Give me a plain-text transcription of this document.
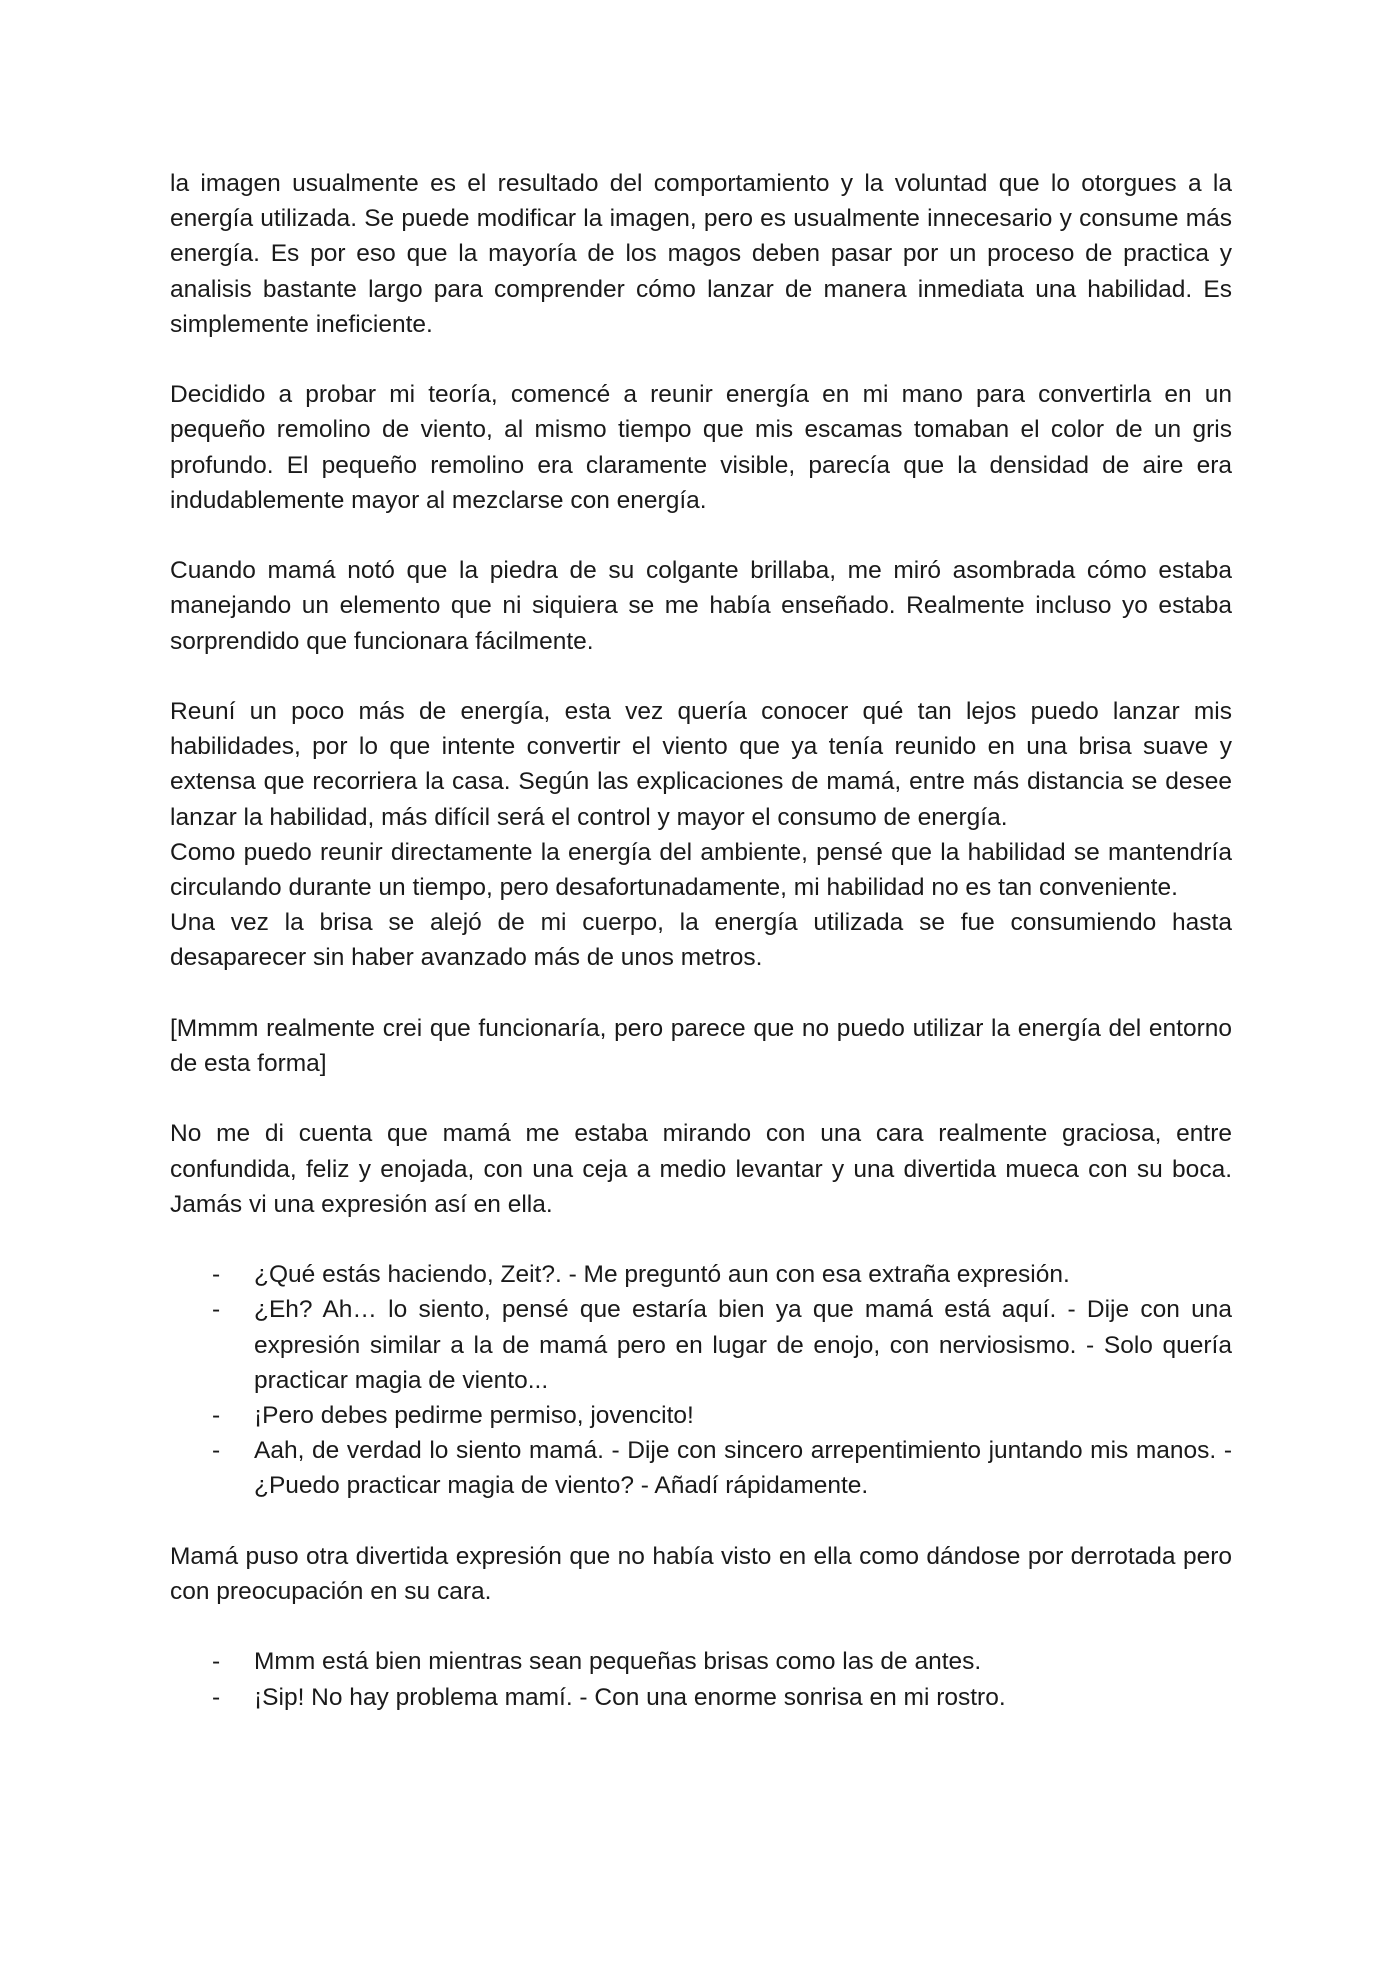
la imagen usualmente es el resultado del comportamiento y la voluntad que lo otorgues a la energía utilizada. Se puede modificar la imagen, pero es usualmente innecesario y consume más energía. Es por eso que la mayoría de los magos deben pasar por un proceso de practica y analisis bastante largo para comprender cómo lanzar de manera inmediata una habilidad. Es simplemente ineficiente.

Decidido a probar mi teoría, comencé a reunir energía en mi mano para convertirla en un pequeño remolino de viento, al mismo tiempo que mis escamas tomaban el color de un gris profundo. El pequeño remolino era claramente visible, parecía que la densidad de aire era indudablemente mayor al mezclarse con energía.

Cuando mamá notó que la piedra de su colgante brillaba, me miró asombrada cómo estaba manejando un elemento que ni siquiera se me había enseñado. Realmente incluso yo estaba sorprendido que funcionara fácilmente.

Reuní un poco más de energía, esta vez quería conocer qué tan lejos puedo lanzar mis habilidades, por lo que intente convertir el viento que ya tenía reunido en una brisa suave y extensa que recorriera la casa. Según las explicaciones de mamá, entre más distancia se desee lanzar la habilidad, más difícil será el control y mayor el consumo de energía.

Como puedo reunir directamente la energía del ambiente, pensé que la habilidad se mantendría circulando durante un tiempo, pero desafortunadamente, mi habilidad no es tan conveniente.

Una vez la brisa se alejó de mi cuerpo, la energía utilizada se fue consumiendo hasta desaparecer sin haber avanzado más de unos metros.

[Mmmm realmente crei que funcionaría, pero parece que no puedo utilizar la energía del entorno de esta forma]

No me di cuenta que mamá me estaba mirando con una cara realmente graciosa, entre confundida, feliz y enojada, con una ceja a medio levantar y una divertida mueca con su boca. Jamás vi una expresión así en ella.

- ¿Qué estás haciendo, Zeit?. - Me preguntó aun con esa extraña expresión.
- ¿Eh? Ah… lo siento, pensé que estaría bien ya que mamá está aquí. - Dije con una expresión similar a la de mamá pero en lugar de enojo, con nerviosismo. - Solo quería practicar magia de viento...
- ¡Pero debes pedirme permiso, jovencito!
- Aah, de verdad lo siento mamá. - Dije con sincero arrepentimiento juntando mis manos. - ¿Puedo practicar magia de viento? - Añadí rápidamente.

Mamá puso otra divertida expresión que no había visto en ella como dándose por derrotada pero con preocupación en su cara.

- Mmm está bien mientras sean pequeñas brisas como las de antes.
- ¡Sip! No hay problema mamí. - Con una enorme sonrisa en mi rostro.
